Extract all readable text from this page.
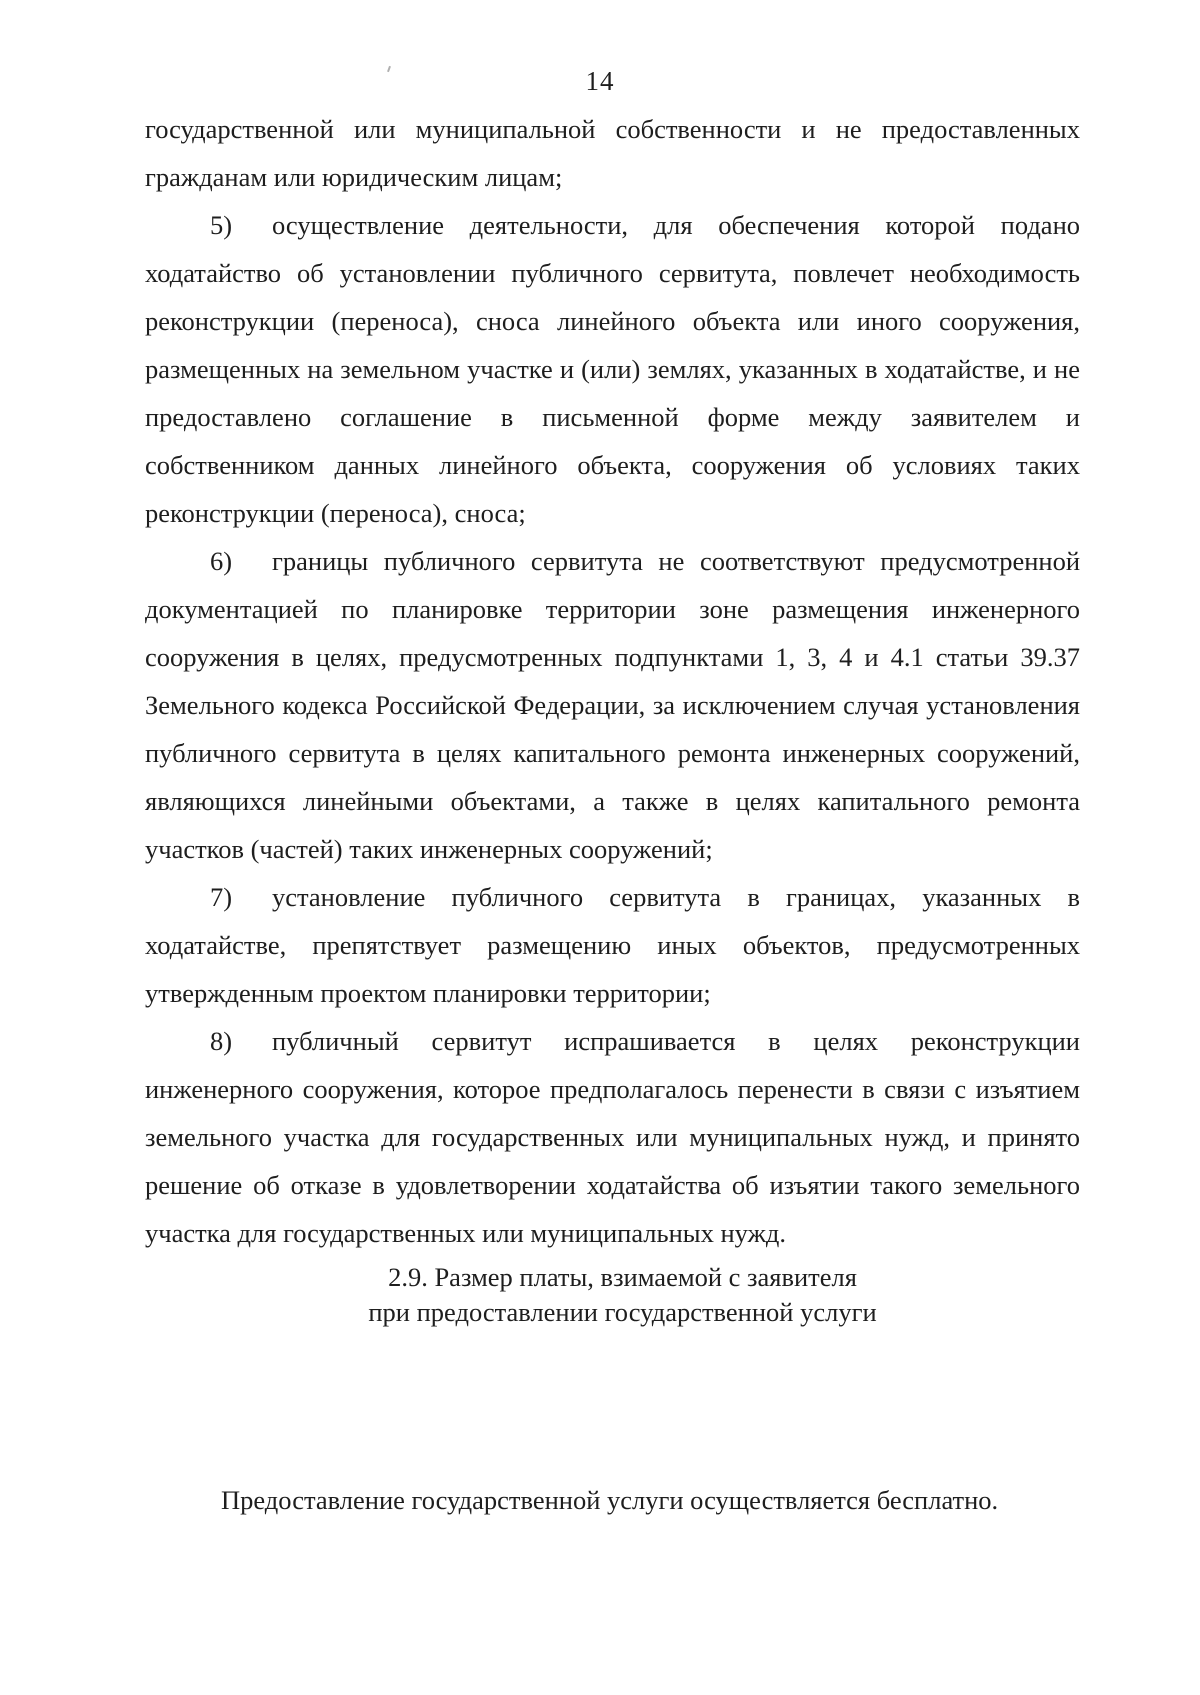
14

государственной или муниципальной собственности и не предоставленных гражданам или юридическим лицам;

5) осуществление деятельности, для обеспечения которой подано ходатайство об установлении публичного сервитута, повлечет необходимость реконструкции (переноса), сноса линейного объекта или иного сооружения, размещенных на земельном участке и (или) землях, указанных в ходатайстве, и не предоставлено соглашение в письменной форме между заявителем и собственником данных линейного объекта, сооружения об условиях таких реконструкции (переноса), сноса;

6) границы публичного сервитута не соответствуют предусмотренной документацией по планировке территории зоне размещения инженерного сооружения в целях, предусмотренных подпунктами 1, 3, 4 и 4.1 статьи 39.37 Земельного кодекса Российской Федерации, за исключением случая установления публичного сервитута в целях капитального ремонта инженерных сооружений, являющихся линейными объектами, а также в целях капитального ремонта участков (частей) таких инженерных сооружений;

7) установление публичного сервитута в границах, указанных в ходатайстве, препятствует размещению иных объектов, предусмотренных утвержденным проектом планировки территории;

8) публичный сервитут испрашивается в целях реконструкции инженерного сооружения, которое предполагалось перенести в связи с изъятием земельного участка для государственных или муниципальных нужд, и принято решение об отказе в удовлетворении ходатайства об изъятии такого земельного участка для государственных или муниципальных нужд.

2.9. Размер платы, взимаемой с заявителя
при предоставлении государственной услуги
Предоставление государственной услуги осуществляется бесплатно.
